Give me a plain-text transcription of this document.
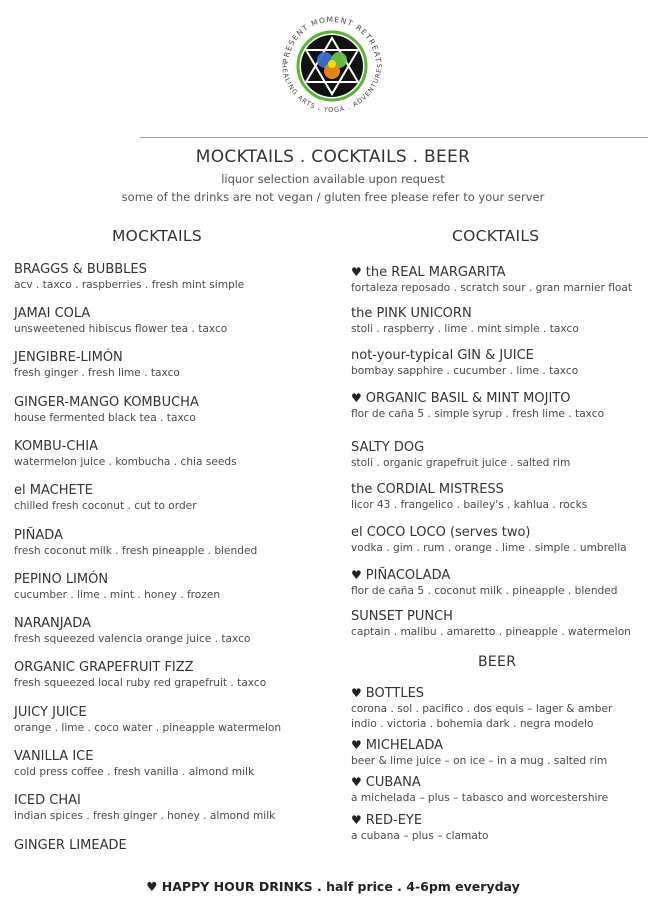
PRESENT MOMENT RETREAT
HEALING ARTS . YOGA . ADVENTURES
MOCKTAILS . COCKTAILS . BEER
liquor selection available upon request
some of the drinks are not vegan / gluten free please refer to your server
MOCKTAILS	COCKTAILS
BRAGGS & BUBBLES
acv . taxco . raspberries . fresh mint simple
JAMAI COLA
unsweetened hibiscus flower tea . taxco
JENGIBRE-LIMÓN
fresh ginger . fresh lime . taxco
GINGER-MANGO KOMBUCHA
house fermented black tea . taxco
KOMBU-CHIA
watermelon juice . kombucha . chia seeds
el MACHETE
chilled fresh coconut . cut to order
PIÑADA
fresh coconut milk . fresh pineapple . blended
PEPINO LIMÓN
cucumber . lime . mint . honey . frozen
NARANJADA
fresh squeezed valencia orange juice . taxco
ORGANIC GRAPEFRUIT FIZZ
fresh squeezed local ruby red grapefruit . taxco
JUICY JUICE
orange . lime . coco water . pineapple watermelon
VANILLA ICE
cold press coffee . fresh vanilla . almond milk
ICED CHAI
indian spices . fresh ginger . honey . almond milk
GINGER LIMEADE
♥ the REAL MARGARITA
fortaleza reposado . scratch sour . gran marnier float
the PINK UNICORN
stoli . raspberry . lime . mint simple . taxco
not-your-typical GIN & JUICE
bombay sapphire . cucumber . lime . taxco
♥ ORGANIC BASIL & MINT MOJITO
flor de caña 5 . simple syrup . fresh lime . taxco
SALTY DOG
stoli . organic grapefruit juice . salted rim
the CORDIAL MISTRESS
licor 43 . frangelico . bailey's . kahlua . rocks
el COCO LOCO (serves two)
vodka . gim . rum . orange . lime . simple . umbrella
♥ PIÑACOLADA
flor de caña 5 . coconut milk . pineapple . blended
SUNSET PUNCH
captain . malibu . amaretto . pineapple . watermelon
BEER
♥ BOTTLES
corona . sol . pacifico . dos equis – lager & amber
indio . victoria . bohemia dark . negra modelo
♥ MICHELADA
beer & lime juice – on ice – in a mug . salted rim
♥ CUBANA
a michelada – plus – tabasco and worcestershire
♥ RED-EYE
a cubana – plus – clamato
♥ HAPPY HOUR DRINKS . half price . 4-6pm everyday
